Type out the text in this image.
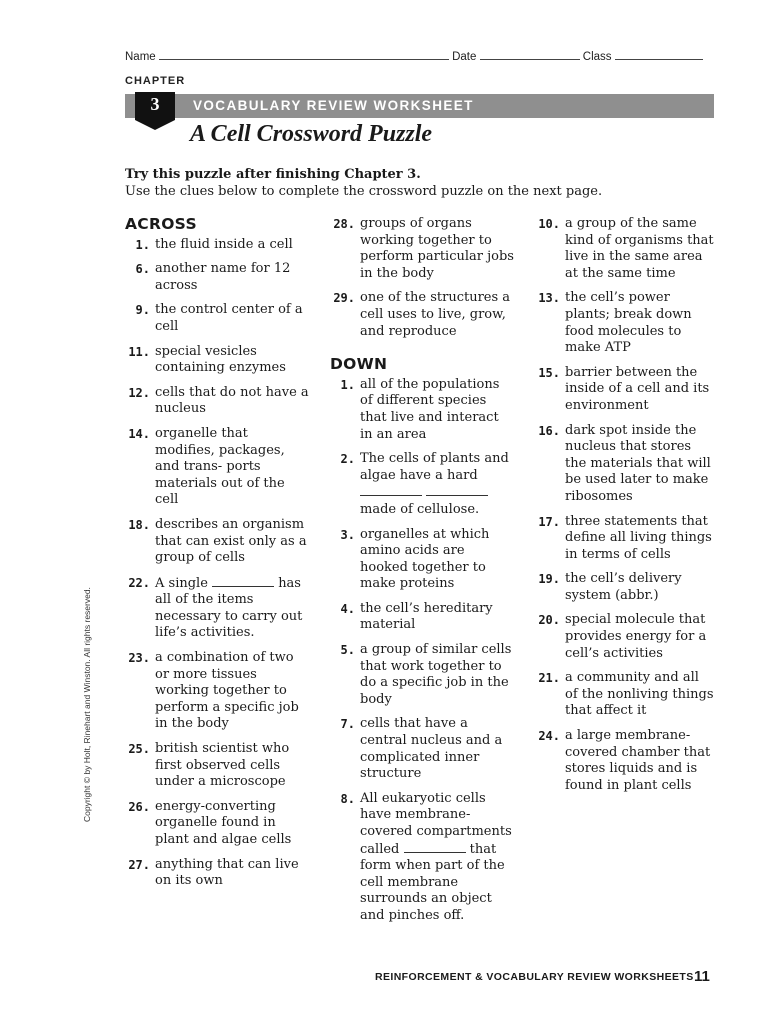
Name	Date	Class
CHAPTER
3	VOCABULARY REVIEW WORKSHEET
A Cell Crossword Puzzle
Try this puzzle after finishing Chapter 3.
Use the clues below to complete the crossword puzzle on the next page.
ACROSS
1. the fluid inside a cell
6. another name for 12 across
9. the control center of a cell
11. special vesicles containing enzymes
12. cells that do not have a nucleus
14. organelle that modifies, packages, and trans- ports materials out of the cell
18. describes an organism that can exist only as a group of cells
22. A single	has all of the items necessary to carry out life’s activities.
23. a combination of two or more tissues working together to perform a specific job in the body
25. british scientist who first observed cells under a microscope
26. energy-converting organelle found in plant and algae cells
27. anything that can live on its own
28. groups of organs working together to perform particular jobs in the body
29. one of the structures a cell uses to live, grow, and reproduce
DOWN
1. all of the populations of different species that live and interact in an area
2. The cells of plants and algae have a hard

made of cellulose.
3. organelles at which amino acids are hooked together to make proteins
4. the cell’s hereditary material
5. a group of similar cells that work together to do a specific job in the body
7. cells that have a central nucleus and a complicated inner structure
8. All eukaryotic cells have membrane- covered compartments called	that form when part of the cell membrane surrounds an object and pinches off.
10. a group of the same kind of organisms that live in the same area at the same time
13. the cell’s power plants; break down food molecules to make ATP
15. barrier between the inside of a cell and its environment
16. dark spot inside the nucleus that stores the materials that will be used later to make ribosomes
17. three statements that define all living things in terms of cells
19. the cell’s delivery system (abbr.)
20. special molecule that provides energy for a cell’s activities
21. a community and all of the nonliving things that affect it
24. a large membrane- covered chamber that stores liquids and is found in plant cells
Copyright © by Holt, Rinehart and Winston. All rights reserved.
REINFORCEMENT & VOCABULARY REVIEW WORKSHEETS 11
